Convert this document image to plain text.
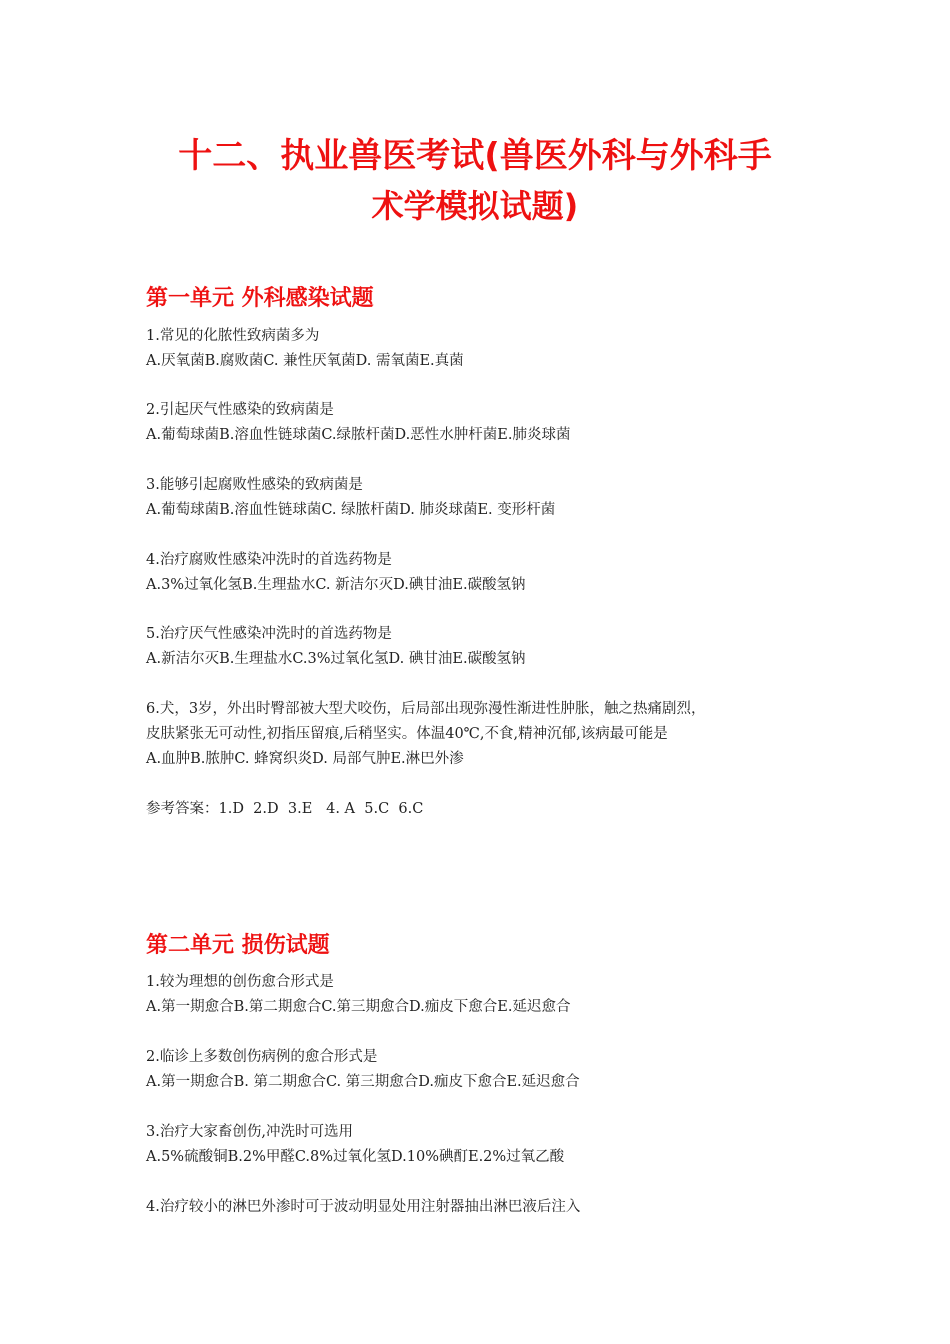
十二、执业兽医考试(兽医外科与外科手
术学模拟试题)
第一单元 外科感染试题
1.常见的化脓性致病菌多为
A.厌氧菌B.腐败菌C. 兼性厌氧菌D. 需氧菌E.真菌
2.引起厌气性感染的致病菌是
A.葡萄球菌B.溶血性链球菌C.绿脓杆菌D.恶性水肿杆菌E.肺炎球菌
3.能够引起腐败性感染的致病菌是
A.葡萄球菌B.溶血性链球菌C. 绿脓杆菌D. 肺炎球菌E. 变形杆菌
4.治疗腐败性感染冲洗时的首选药物是
A.3%过氧化氢B.生理盐水C. 新洁尔灭D.碘甘油E.碳酸氢钠
5.治疗厌气性感染冲洗时的首选药物是
A.新洁尔灭B.生理盐水C.3%过氧化氢D. 碘甘油E.碳酸氢钠
6.犬，3岁，外出时臀部被大型犬咬伤，后局部出现弥漫性渐进性肿胀，触之热痛剧烈，
皮肤紧张无可动性,初指压留痕,后稍坚实。体温40℃,不食,精神沉郁,该病最可能是
A.血肿B.脓肿C. 蜂窝织炎D. 局部气肿E.淋巴外渗
参考答案：1.D  2.D  3.E   4. A  5.C  6.C
第二单元 损伤试题
1.较为理想的创伤愈合形式是
A.第一期愈合B.第二期愈合C.第三期愈合D.痂皮下愈合E.延迟愈合
2.临诊上多数创伤病例的愈合形式是
A.第一期愈合B. 第二期愈合C. 第三期愈合D.痂皮下愈合E.延迟愈合
3.治疗大家畜创伤,冲洗时可选用
A.5%硫酸铜B.2%甲醛C.8%过氧化氢D.10%碘酊E.2%过氧乙酸
4.治疗较小的淋巴外渗时可于波动明显处用注射器抽出淋巴液后注入
